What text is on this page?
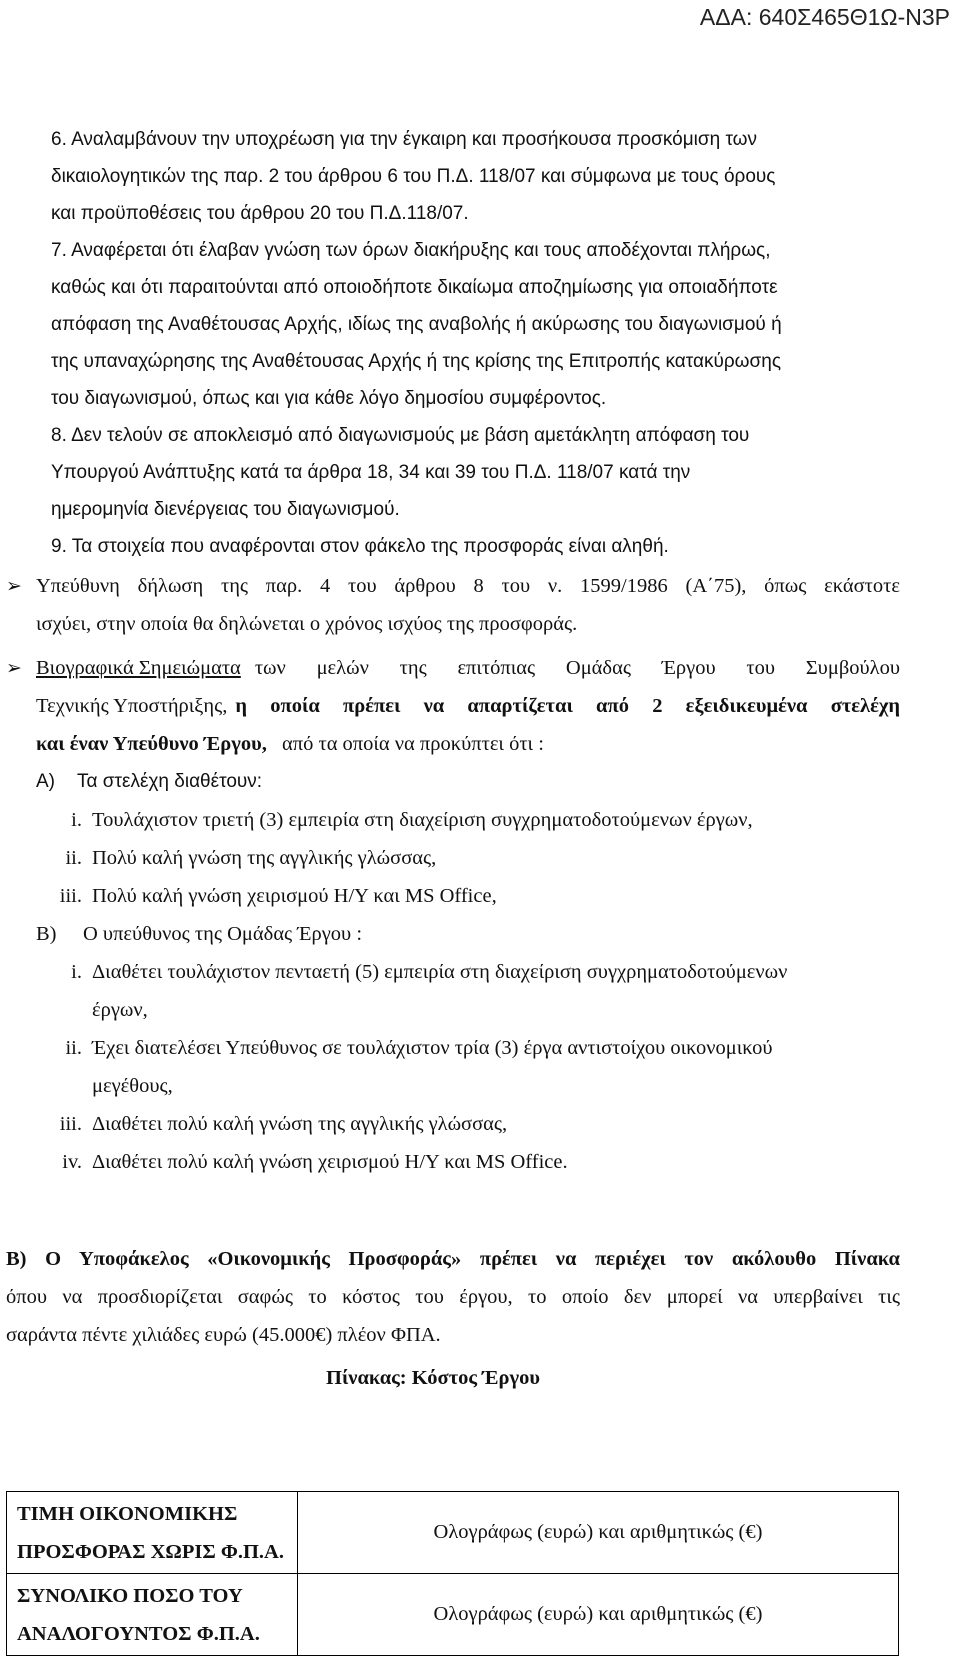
ΑΔΑ: 640Σ465Θ1Ω-Ν3Ρ
6. Αναλαμβάνουν την υποχρέωση για την έγκαιρη και προσήκουσα προσκόμιση των
δικαιολογητικών της παρ. 2 του άρθρου 6 του Π.Δ. 118/07 και σύμφωνα με τους όρους
και προϋποθέσεις του άρθρου 20 του Π.Δ.118/07.
7. Αναφέρεται ότι έλαβαν γνώση των όρων διακήρυξης και τους αποδέχονται πλήρως,
καθώς και ότι παραιτούνται από οποιοδήποτε δικαίωμα αποζημίωσης για οποιαδήποτε
απόφαση της Αναθέτουσας Αρχής, ιδίως της αναβολής ή ακύρωσης του διαγωνισμού ή
της υπαναχώρησης της Αναθέτουσας Αρχής ή της κρίσης της Επιτροπής κατακύρωσης
του διαγωνισμού, όπως και για κάθε λόγο δημοσίου συμφέροντος.
8. Δεν τελούν σε αποκλεισμό από διαγωνισμούς με βάση αμετάκλητη απόφαση του
Υπουργού Ανάπτυξης κατά τα άρθρα 18, 34 και 39 του Π.Δ. 118/07 κατά την
ημερομηνία διενέργειας του διαγωνισμού.
9. Τα στοιχεία που αναφέρονται στον φάκελο της προσφοράς είναι αληθή.
➢ Υπεύθυνη δήλωση της παρ. 4 του άρθρου 8 του ν. 1599/1986 (Α΄75), όπως εκάστοτε
ισχύει, στην οποία θα δηλώνεται ο χρόνος ισχύος της προσφοράς.
➢ Βιογραφικά Σημειώματα των μελών της επιτόπιας Ομάδας Έργου του Συμβούλου
Τεχνικής Υποστήριξης, η οποία πρέπει να απαρτίζεται από 2 εξειδικευμένα στελέχη
και έναν Υπεύθυνο Έργου, από τα οποία να προκύπτει ότι :
A) Τα στελέχη διαθέτουν:
i. Τουλάχιστον τριετή (3) εμπειρία στη διαχείριση συγχρηματοδοτούμενων έργων,
ii. Πολύ καλή γνώση της αγγλικής γλώσσας,
iii. Πολύ καλή γνώση χειρισμού Η/Υ και MS Office,
B) Ο υπεύθυνος της Ομάδας Έργου :
i. Διαθέτει τουλάχιστον πενταετή (5) εμπειρία στη διαχείριση συγχρηματοδοτούμενων
έργων,
ii. Έχει διατελέσει Υπεύθυνος σε τουλάχιστον τρία (3) έργα αντιστοίχου οικονομικού
μεγέθους,
iii. Διαθέτει πολύ καλή γνώση της αγγλικής γλώσσας,
iv. Διαθέτει πολύ καλή γνώση χειρισμού Η/Υ και MS Office.
B) Ο Υποφάκελος «Οικονομικής Προσφοράς» πρέπει να περιέχει τον ακόλουθο Πίνακα
όπου να προσδιορίζεται σαφώς το κόστος του έργου, το οποίο δεν μπορεί να υπερβαίνει τις
σαράντα πέντε χιλιάδες ευρώ (45.000€) πλέον ΦΠΑ.
Πίνακας: Κόστος Έργου
ΤΙΜΗ ΟΙΚΟΝΟΜΙΚΗΣ
ΠΡΟΣΦΟΡΑΣ ΧΩΡΙΣ Φ.Π.Α.	Ολογράφως (ευρώ) και αριθμητικώς (€)

ΣΥΝΟΛΙΚΟ ΠΟΣΟ ΤΟΥ
ΑΝΑΛΟΓΟΥΝΤΟΣ Φ.Π.Α.	Ολογράφως (ευρώ) και αριθμητικώς (€)
